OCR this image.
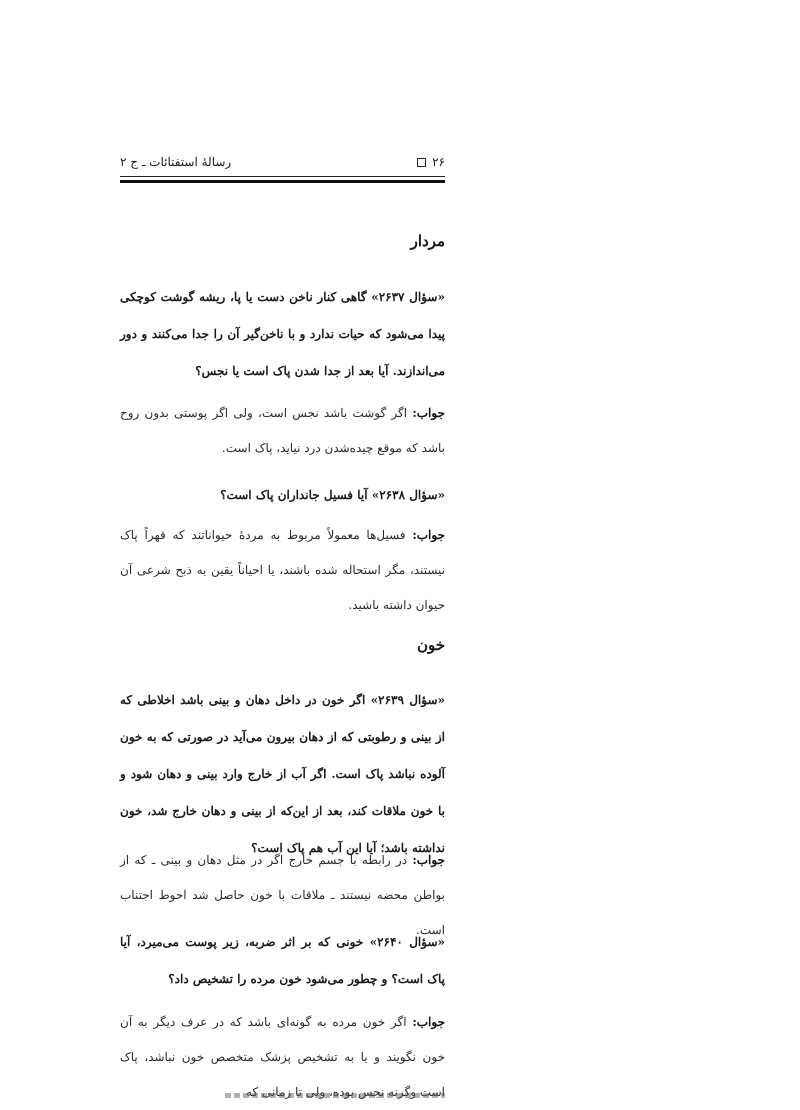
۲۶
رسالۀ استفتائات ـ ج ۲
مردار
«سؤال ۲۶۳۷» گاهی کنار ناخن دست یا پا، ریشه گوشت کوچکی پیدا می‌شود که حیات ندارد و با ناخن‌گیر آن را جدا می‌کنند و دور می‌اندازند. آیا بعد از جدا شدن پاک است یا نجس؟
جواب: اگر گوشت باشد نجس است، ولی اگر پوستی بدون روح باشد که موقع چیده‌شدن درد نیاید، پاک است.
«سؤال ۲۶۳۸» آیا فسیل جانداران پاک است؟
جواب: فسیل‌ها معمولاً مربوط به مردۀ حیواناتند که قهراً پاک نیستند، مگر استحاله شده باشند، یا احیاناً یقین به ذبح شرعی آن حیوان داشته باشید.
خون
«سؤال ۲۶۳۹» اگر خون در داخل دهان و بینی باشد اخلاطی که از بینی و رطوبتی که از دهان بیرون می‌آید در صورتی که به خون آلوده نباشد پاک است. اگر آب از خارج وارد بینی و دهان شود و با خون ملاقات کند، بعد از این‌که از بینی و دهان خارج شد، خون نداشته باشد؛ آیا این آب هم پاک است؟
جواب: در رابطه با جسم خارج اگر در مثل دهان و بینی ـ که از بواطن محضه نیستند ـ ملاقات با خون حاصل شد احوط اجتناب است.
«سؤال ۲۶۴۰» خونی که بر اثر ضربه، زیر پوست می‌میرد، آیا پاک است؟ و چطور می‌شود خون مرده را تشخیص داد؟
جواب: اگر خون مرده به گونه‌ای باشد که در عرف دیگر به آن خون نگویند و یا به تشخیص پزشک متخصص خون نباشد، پاک است وگرنه نجس بوده، ولی تا زمانی که
